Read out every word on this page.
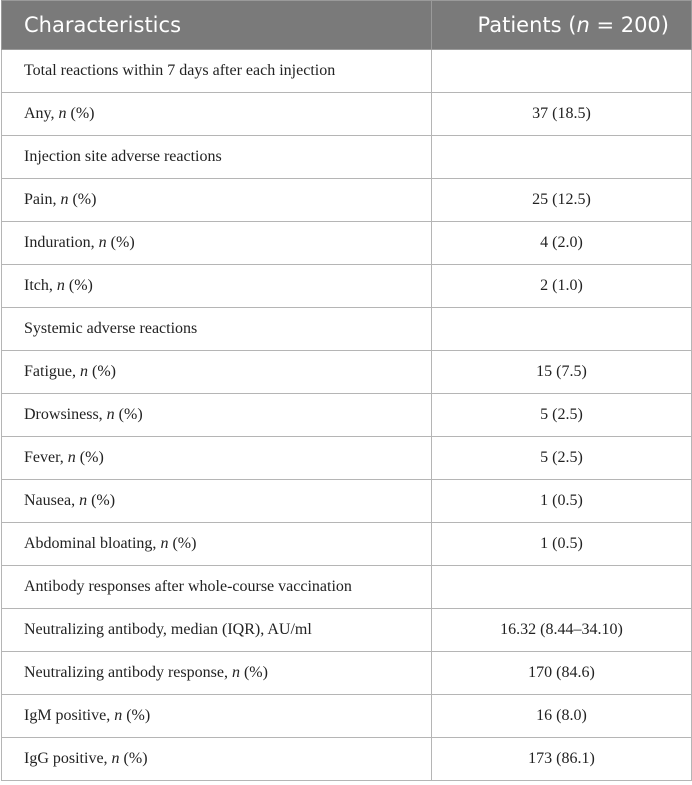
Characteristics	Patients (n = 200)
Total reactions within 7 days after each injection	
Any, n (%)	37 (18.5)
Injection site adverse reactions	
Pain, n (%)	25 (12.5)
Induration, n (%)	4 (2.0)
Itch, n (%)	2 (1.0)
Systemic adverse reactions	
Fatigue, n (%)	15 (7.5)
Drowsiness, n (%)	5 (2.5)
Fever, n (%)	5 (2.5)
Nausea, n (%)	1 (0.5)
Abdominal bloating, n (%)	1 (0.5)
Antibody responses after whole-course vaccination	
Neutralizing antibody, median (IQR), AU/ml	16.32 (8.44–34.10)
Neutralizing antibody response, n (%)	170 (84.6)
IgM positive, n (%)	16 (8.0)
IgG positive, n (%)	173 (86.1)
